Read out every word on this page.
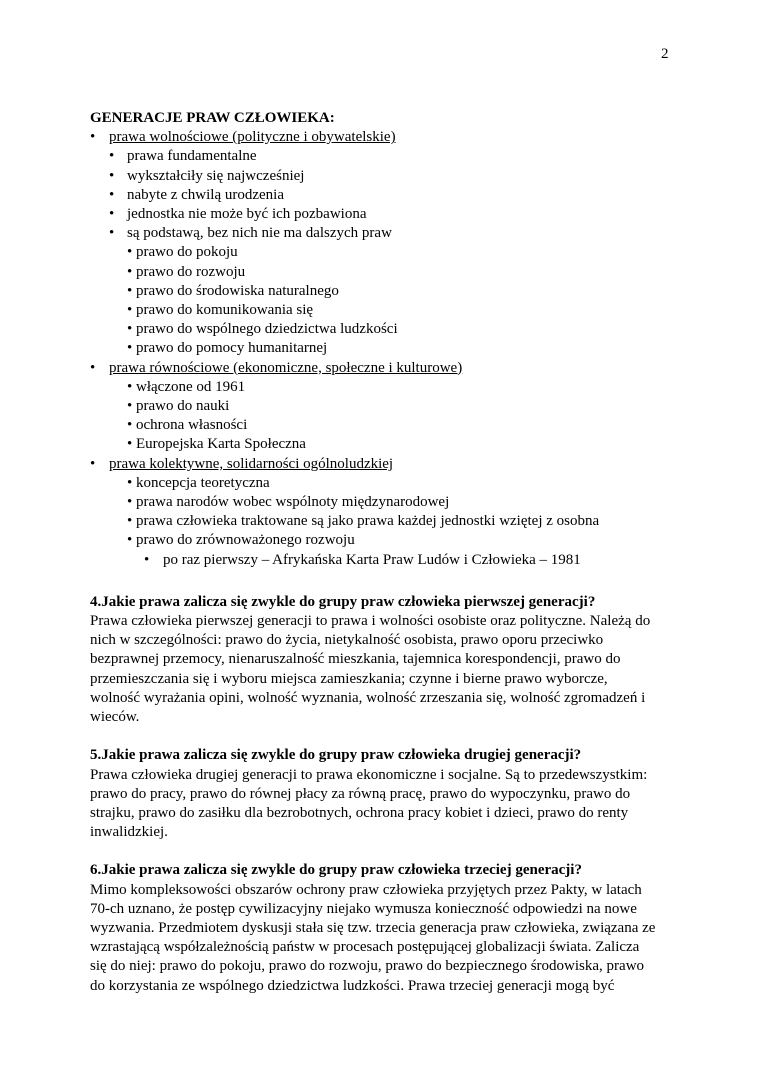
2
GENERACJE PRAW CZŁOWIEKA:
• prawa wolnościowe (polityczne i obywatelskie)
• prawa fundamentalne
• wykształciły się najwcześniej
• nabyte z chwilą urodzenia
• jednostka nie może być ich pozbawiona
• są podstawą, bez nich nie ma dalszych praw
• prawo do pokoju
• prawo do rozwoju
• prawo do środowiska naturalnego
• prawo do komunikowania się
• prawo do wspólnego dziedzictwa ludzkości
• prawo do pomocy humanitarnej
• prawa równościowe (ekonomiczne, społeczne i kulturowe)
• włączone od 1961
• prawo do nauki
• ochrona własności
• Europejska Karta Społeczna
• prawa kolektywne, solidarności ogólnoludzkiej
• koncepcja teoretyczna
• prawa narodów wobec wspólnoty międzynarodowej
• prawa człowieka traktowane są jako prawa każdej jednostki wziętej z osobna
• prawo do zrównoważonego rozwoju
• po raz pierwszy – Afrykańska Karta Praw Ludów i Człowieka – 1981
4.Jakie prawa zalicza się zwykle do grupy praw człowieka pierwszej generacji?
Prawa człowieka pierwszej generacji to prawa i wolności osobiste oraz polityczne. Należą do
nich w szczególności: prawo do życia, nietykalność osobista, prawo oporu przeciwko
bezprawnej przemocy, nienaruszalność mieszkania, tajemnica korespondencji, prawo do
przemieszczania się i wyboru miejsca zamieszkania; czynne i bierne prawo wyborcze,
wolność wyrażania opini, wolność wyznania, wolność zrzeszania się, wolność zgromadzeń i
wieców.
5.Jakie prawa zalicza się zwykle do grupy praw człowieka drugiej generacji?
Prawa człowieka drugiej generacji to prawa ekonomiczne i socjalne. Są to przedewszystkim:
prawo do pracy, prawo do równej płacy za równą pracę, prawo do wypoczynku, prawo do
strajku, prawo do zasiłku dla bezrobotnych, ochrona pracy kobiet i dzieci, prawo do renty
inwalidzkiej.
6.Jakie prawa zalicza się zwykle do grupy praw człowieka trzeciej generacji?
Mimo kompleksowości obszarów ochrony praw człowieka przyjętych przez Pakty, w latach
70-ch uznano, że postęp cywilizacyjny niejako wymusza konieczność odpowiedzi na nowe
wyzwania. Przedmiotem dyskusji stała się tzw. trzecia generacja praw człowieka, związana ze
wzrastającą współzależnością państw w procesach postępującej globalizacji świata. Zalicza
się do niej: prawo do pokoju, prawo do rozwoju, prawo do bezpiecznego środowiska, prawo
do korzystania ze wspólnego dziedzictwa ludzkości. Prawa trzeciej generacji mogą być
